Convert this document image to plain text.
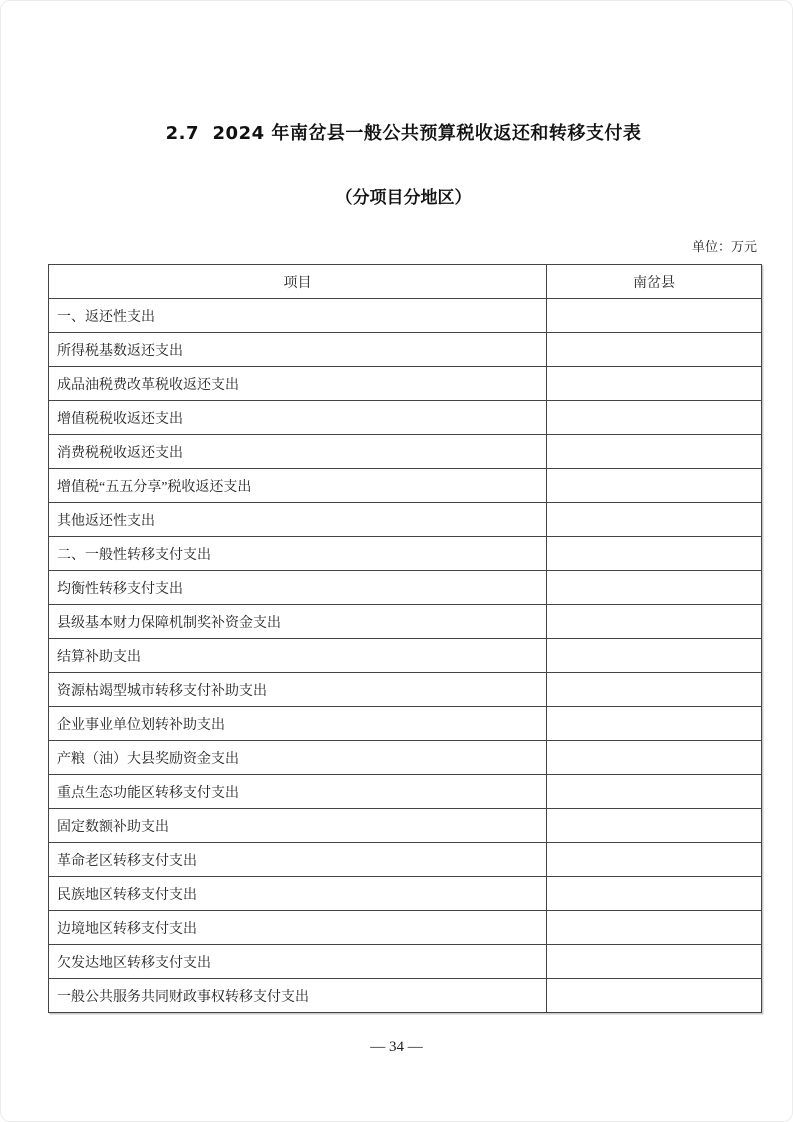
2.7  2024 年南岔县一般公共预算税收返还和转移支付表
（分项目分地区）
单位：万元
项目	南岔县
一、返还性支出	
所得税基数返还支出	
成品油税费改革税收返还支出	
增值税税收返还支出	
消费税税收返还支出	
增值税“五五分享”税收返还支出	
其他返还性支出	
二、一般性转移支付支出	
均衡性转移支付支出	
县级基本财力保障机制奖补资金支出	
结算补助支出	
资源枯竭型城市转移支付补助支出	
企业事业单位划转补助支出	
产粮（油）大县奖励资金支出	
重点生态功能区转移支付支出	
固定数额补助支出	
革命老区转移支付支出	
民族地区转移支付支出	
边境地区转移支付支出	
欠发达地区转移支付支出	
一般公共服务共同财政事权转移支付支出	
— 34 —
